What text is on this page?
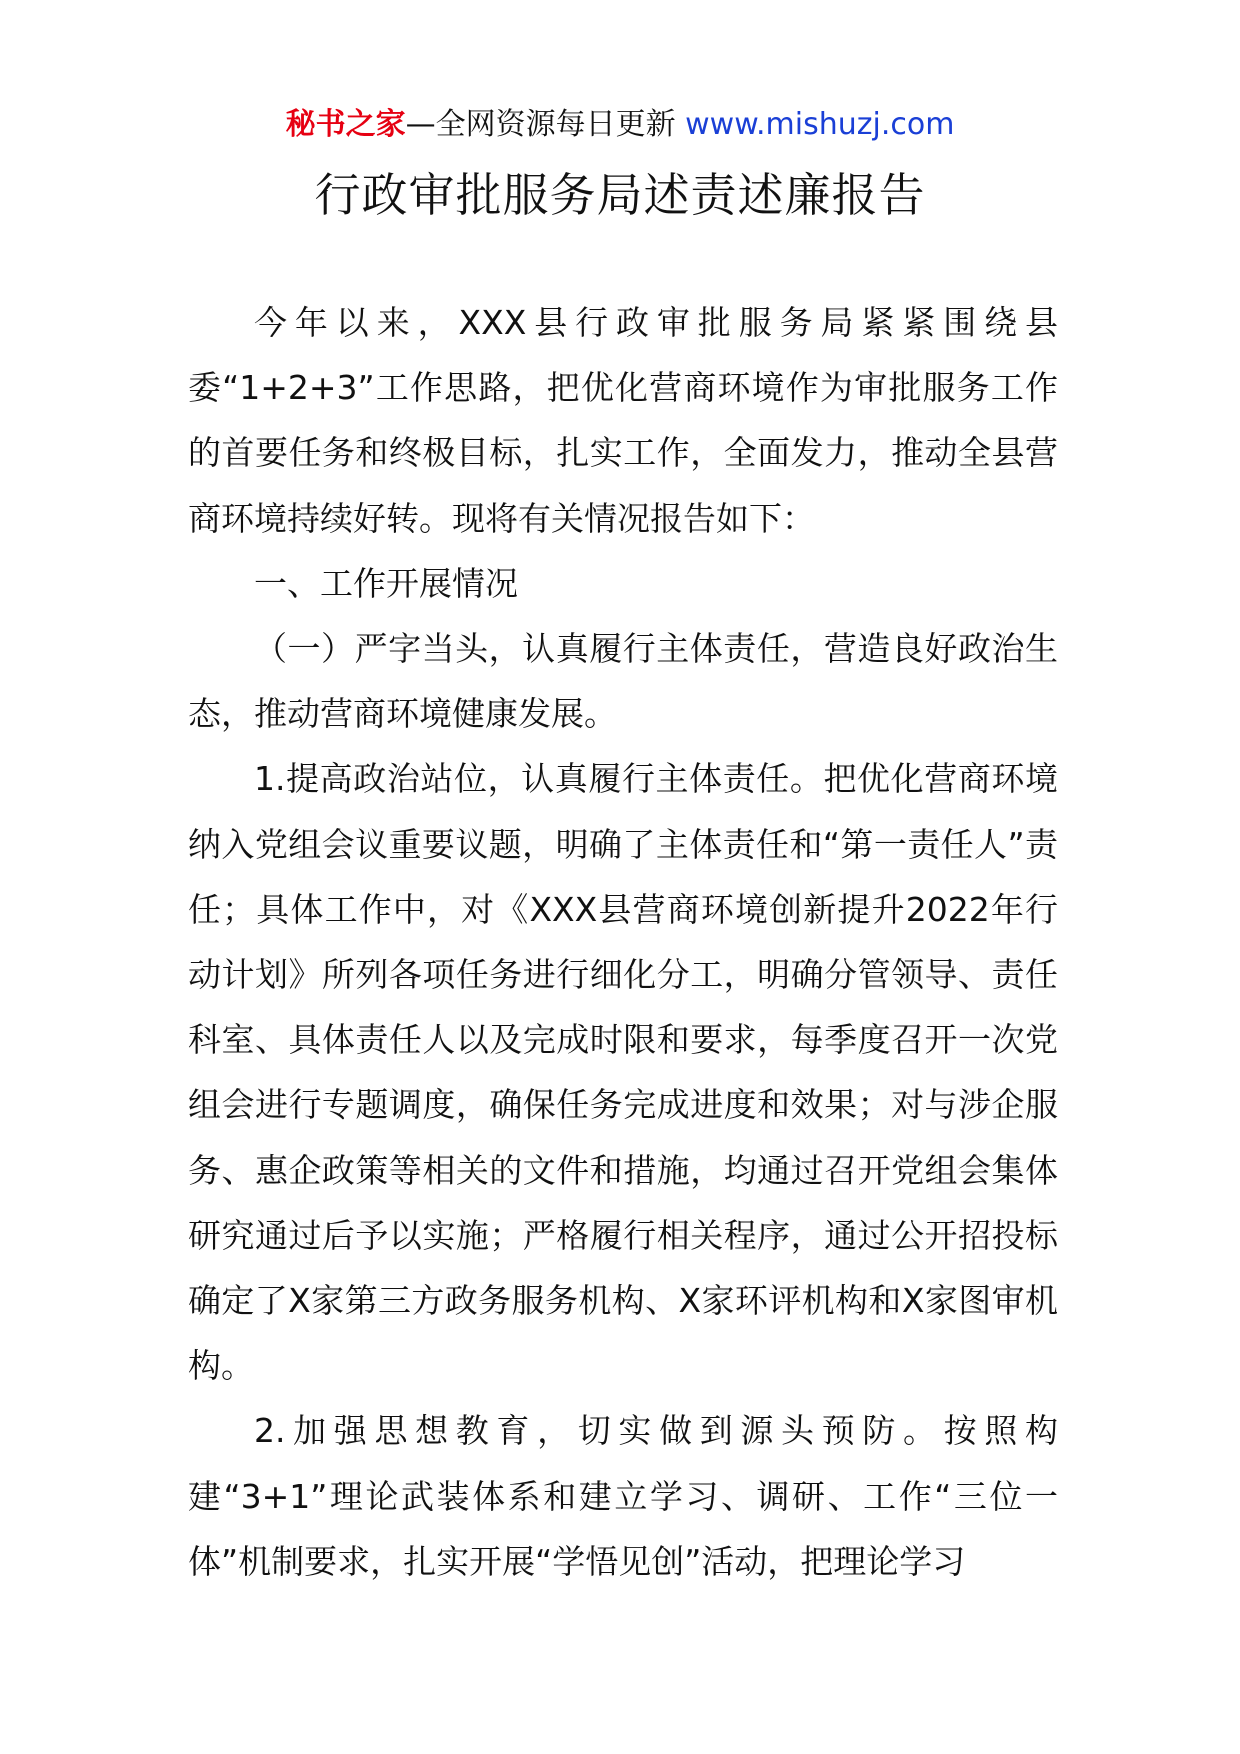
秘书之家—全网资源每日更新 www.mishuzj.com
行政审批服务局述责述廉报告

今年以来，XXX县行政审批服务局紧紧围绕县委“1+2+3”工作思路，把优化营商环境作为审批服务工作的首要任务和终极目标，扎实工作，全面发力，推动全县营商环境持续好转。现将有关情况报告如下：

一、工作开展情况

（一）严字当头，认真履行主体责任，营造良好政治生态，推动营商环境健康发展。

1.提高政治站位，认真履行主体责任。把优化营商环境纳入党组会议重要议题，明确了主体责任和“第一责任人”责任；具体工作中，对《XXX县营商环境创新提升2022年行动计划》所列各项任务进行细化分工，明确分管领导、责任科室、具体责任人以及完成时限和要求，每季度召开一次党组会进行专题调度，确保任务完成进度和效果；对与涉企服务、惠企政策等相关的文件和措施，均通过召开党组会集体研究通过后予以实施；严格履行相关程序，通过公开招投标确定了X家第三方政务服务机构、X家环评机构和X家图审机构。

2.加强思想教育，切实做到源头预防。按照构建“3+1”理论武装体系和建立学习、调研、工作“三位一体”机制要求，扎实开展“学悟见创”活动，把理论学习
